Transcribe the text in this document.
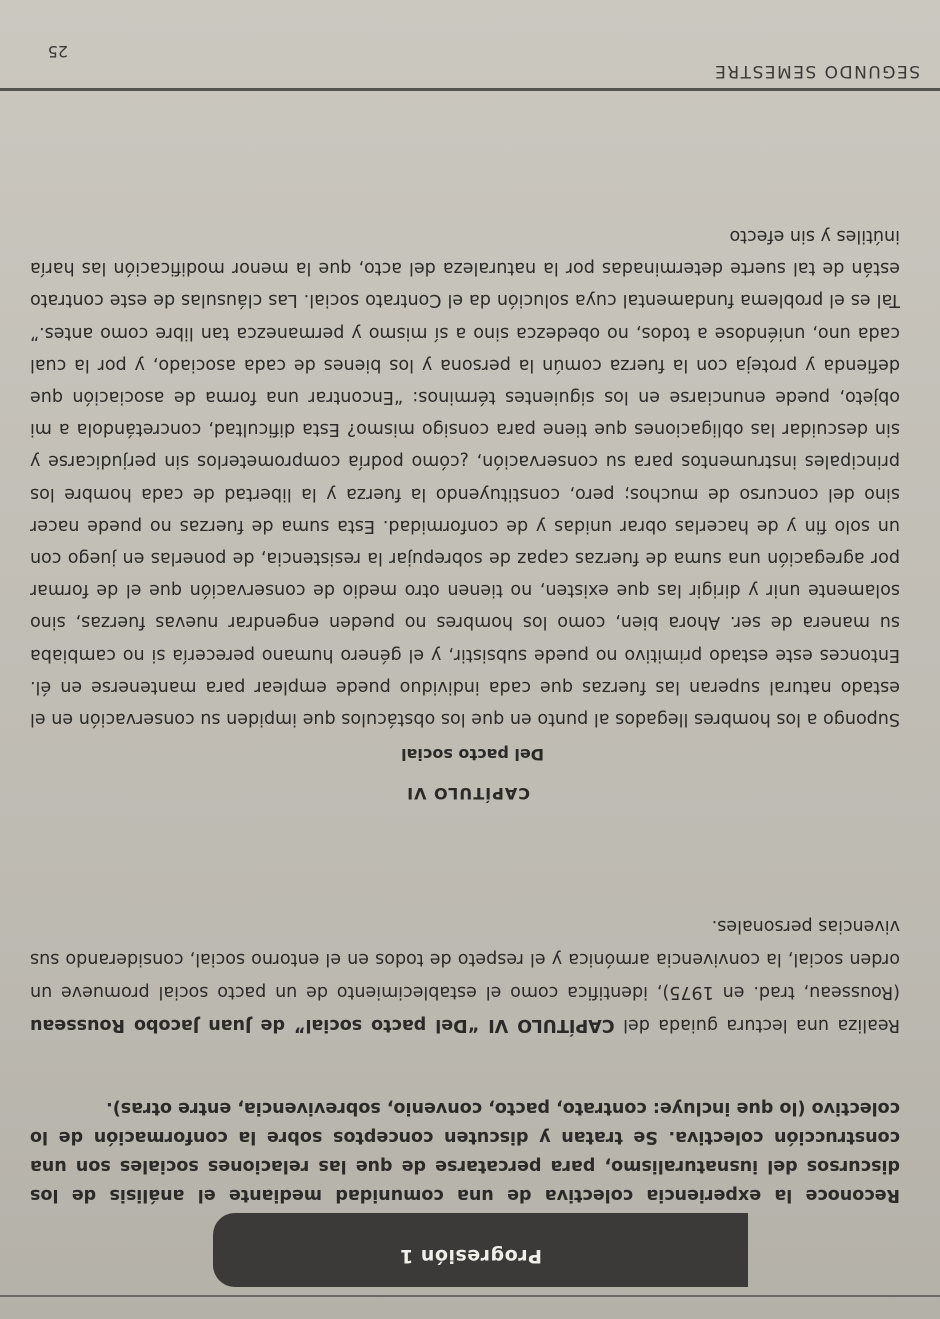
Progresión 1

Reconoce la experiencia colectiva de una comunidad mediante el análisis de los discursos del iusnaturalismo, para percatarse de que las relaciones sociales son una construcción colectiva. Se tratan y discuten conceptos sobre la conformación de lo colectivo (lo que incluye: contrato, pacto, convenio, sobrevivencia, entre otras).

Realiza una lectura guiada del CAPÍTULO VI “Del pacto social” de Juan Jacobo Rousseau (Rousseau, trad. en 1975), identifica como el establecimiento de un pacto social promueve un orden social, la convivencia armónica y el respeto de todos en el entorno social, considerando sus vivencias personales.
CAPÍTULO VI
Del pacto social

Supongo a los hombres llegados al punto en que los obstáculos que impiden su conservación en el estado natural superan las fuerzas que cada individuo puede emplear para mantenerse en él. Entonces este estado primitivo no puede subsistir, y el género humano perecería si no cambiaba su manera de ser. Ahora bien, como los hombres no pueden engendrar nuevas fuerzas, sino solamente unir y dirigir las que existen, no tienen otro medio de conservación que el de formar por agregación una suma de fuerzas capaz de sobrepujar la resistencia, de ponerlas en juego con un solo fin y de hacerlas obrar unidas y de conformidad. Esta suma de fuerzas no puede nacer sino del concurso de muchos; pero, constituyendo la fuerza y la libertad de cada hombre los principales instrumentos para su conservación, ¿cómo podría comprometerlos sin perjudicarse y sin descuidar las obligaciones que tiene para consigo mismo? Esta dificultad, concretándola a mi objeto, puede enunciarse en los siguientes términos: “Encontrar una forma de asociación que defienda y proteja con la fuerza común la persona y los bienes de cada asociado, y por la cual cada uno, uniéndose a todos, no obedezca sino a sí mismo y permanezca tan libre como antes.” Tal es el problema fundamental cuya solución da el Contrato social. Las cláusulas de este contrato están de tal suerte determinadas por la naturaleza del acto, que la menor modificación las haría inútiles y sin efecto

SEGUNDO SEMESTRE
25
